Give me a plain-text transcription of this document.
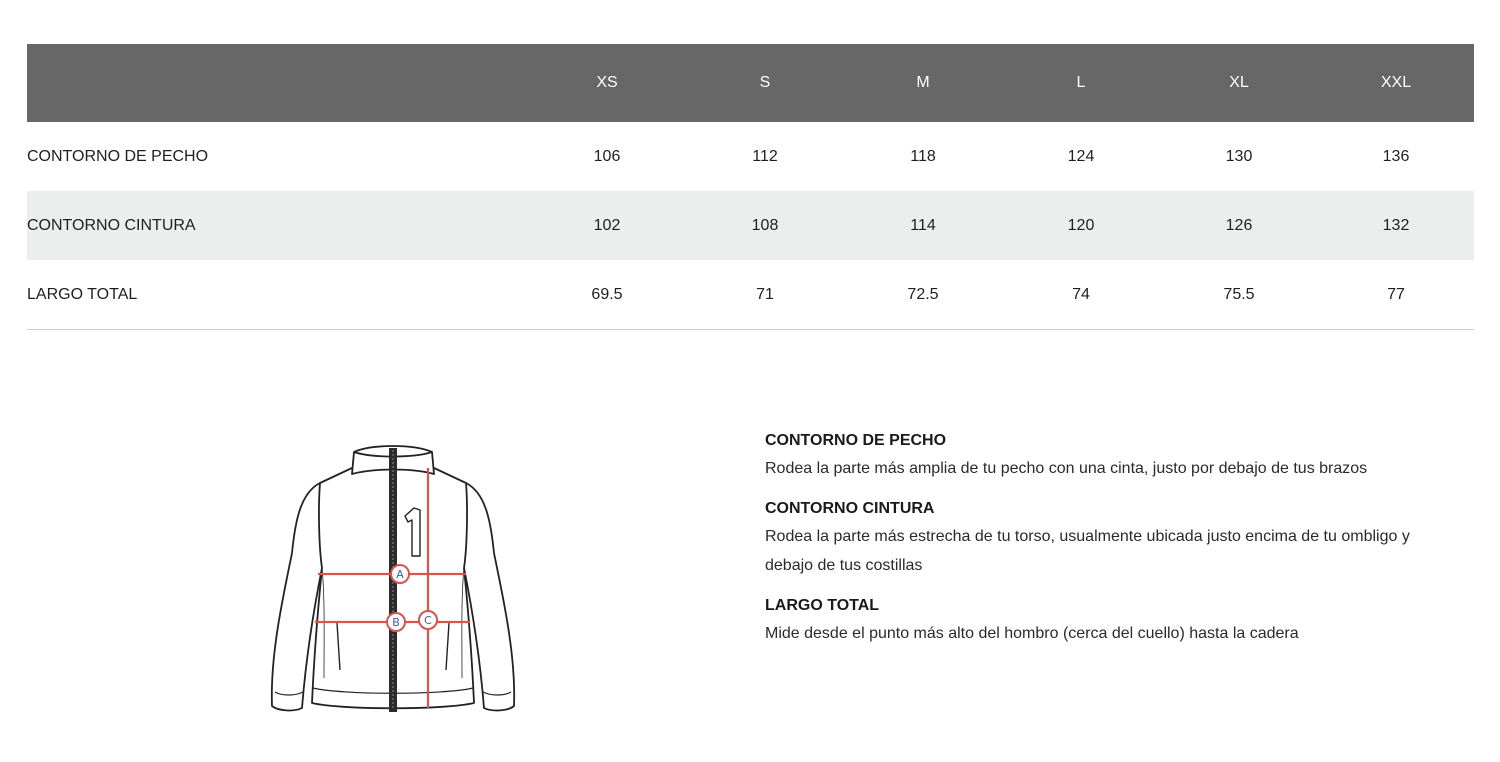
	XS	S	M	L	XL	XXL
CONTORNO DE PECHO	106	112	118	124	130	136
CONTORNO CINTURA	102	108	114	120	126	132
LARGO TOTAL	69.5	71	72.5	74	75.5	77
A
B C
CONTORNO DE PECHO
Rodea la parte más amplia de tu pecho con una cinta, justo por debajo de tus brazos
CONTORNO CINTURA
Rodea la parte más estrecha de tu torso, usualmente ubicada justo encima de tu ombligo y debajo de tus costillas
LARGO TOTAL
Mide desde el punto más alto del hombro (cerca del cuello) hasta la cadera
